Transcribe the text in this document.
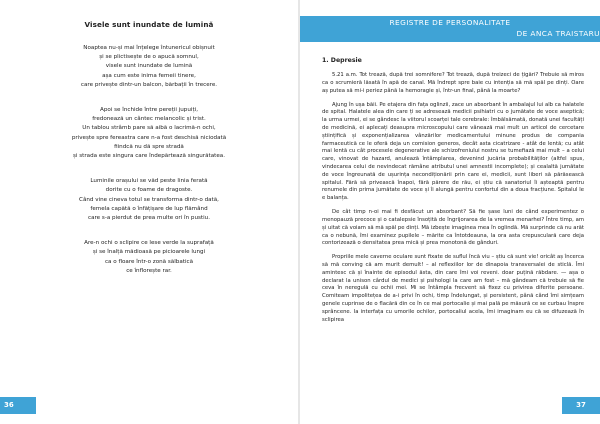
Visele sunt inundate de lumină
Noaptea nu-și mai înțelege întunericul obișnuit
și se plictisește de o apucă somnul,
visele sunt inundate de lumină
așa cum este inima femeii tinere,
care privește dintr-un balcon, bărbații în trecere.
Apoi se închide între pereții jupuiți,
fredonează un cântec melancolic și trist.
Un tablou strâmb pare să aibă o lacrimă-n ochi,
privește spre fereastra care n-a fost deschisă niciodată
fiindcă nu dă spre stradă
și strada este singura care îndepărtează singurătatea.
Luminile orașului se văd peste linia ferată
dorite cu o foame de dragoste.
Când vine cineva totul se transforma dintr-o dată,
femela capătă o înfățișare de lup flămând
care s-a pierdut de prea multe ori în pustiu.
Are-n ochi o sclipire ce lese verde la suprafață
și se înalță mădioasă pe picioarele lungi
ca o floare într-o zonă sălbatică
ce înflorește rar.
36
REGISTRE DE PERSONALITATE
DE ANCA TRAISTARU
1. Depresie

5.21 a.m. Tot trează, după trei somnifere? Tot trează, după treizeci de țigări? Trebuie să miros ca o scrumieră lăsată în apă de canal. Mă îndrept spre baie cu intenția să mă spăl pe dinți. Oare aș putea să mi-i periez până la hemoragie și, într-un final, până la moarte?

Ajung în ușa băii. Pe etajera din fața oglinzii, zace un absorbant în ambalajul lui alb ca halatele de spital. Halatele alea din care ți se adresează medicii psihiatri cu o jumătate de voce aseptică; la urma urmei, ei se gândesc la viitorul scoarței tale cerebrale: îmbălsămată, donată unei facultăți de medicină, ei aplecați deasupra microscopului care vânează mai mult un articol de cercetare științifică și exponențializarea vânzărilor medicamentului minune produs de compania farmaceutică ce le oferă deja un comision generos, decât asta cicatrizare - atât de lentă; cu atât mai lentă cu cât procesele degenerative ale schizofreniului nostru se tumefiază mai mult – a celui care, vinovat de hazard, anulează întâmplarea, devenind jucăria probabilităților (altfel spus, vindecarea celui de nevindecat rămâne atributul unei amnestii incomplete); și cealaltă jumătate de voce îngreunată de ușurința necondiționării prin care ei, medicii, sunt liberi să părăsească spitalul. Fără să privească înapoi, fără părere de rău, ei știu că sanatoriul îi așteaptă pentru renumele din prima jumătate de voce și îi alungă pentru confortul din a doua fracțiune. Spitalul le e balanța.

De cât timp n-oi mai fi desfăcut un absorbant? Să fie șase luni de când experimentez o menopauză precoce și o catalepsie însoțită de îngrijorarea de la vremea menarhei? Între timp, am și uitat că voiam să mă spăl pe dinți. Mă izbește imaginea mea în oglindă. Mă surprinde că nu arăt ca o nebună, îmi examinez pupilele – mărite ca întotdeauna, la ora asta crepusculară care deja contorizează o densitatea prea mică și prea monotonă de gânduri.

Propriile mele caverne oculare sunt fixate de suflul încă viu – știu că sunt vie! oricât aș încerca să mă conving că am murit demult! – al reflexiilor lor de dinapoia transversalei de sticlă. Îmi amintesc că și înainte de episodul ăsta, din care îmi voi reveni. doar puțină răbdare. — așa o declarat la unison cârdul de medici și psihologi la care am fost – mă gândeam că trebuie să fie ceva în neregulă cu ochii mei. Mi se întâmpla frecvent să fixez cu privirea diferite persoane. Comiteam impolitețea de a-i privi în ochi, timp îndelungat, și persistent, până când îmi simțeam genele cuprinse de o flacără din ce în ce mai portocalie și mai pală pe măsură ce se curbau înspre sprâncene. Ia interfața cu umorile ochilor, portocaliul acela, îmi imaginam eu că se difuzează în sclipirea

37
